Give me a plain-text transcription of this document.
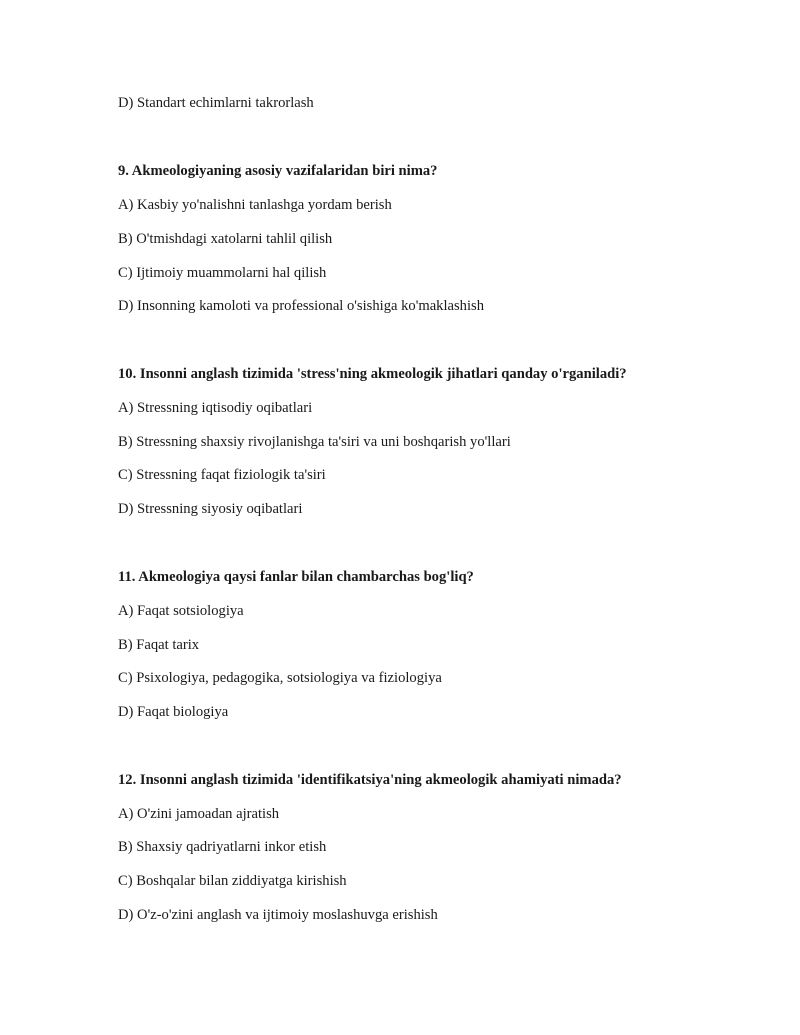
D) Standart echimlarni takrorlash
9. Akmeologiyaning asosiy vazifalaridan biri nima?
A) Kasbiy yo'nalishni tanlashga yordam berish
B) O'tmishdagi xatolarni tahlil qilish
C) Ijtimoiy muammolarni hal qilish
D) Insonning kamoloti va professional o'sishiga ko'maklashish
10. Insonni anglash tizimida 'stress'ning akmeologik jihatlari qanday o'rganiladi?
A) Stressning iqtisodiy oqibatlari
B) Stressning shaxsiy rivojlanishga ta'siri va uni boshqarish yo'llari
C) Stressning faqat fiziologik ta'siri
D) Stressning siyosiy oqibatlari
11. Akmeologiya qaysi fanlar bilan chambarchas bog'liq?
A) Faqat sotsiologiya
B) Faqat tarix
C) Psixologiya, pedagogika, sotsiologiya va fiziologiya
D) Faqat biologiya
12. Insonni anglash tizimida 'identifikatsiya'ning akmeologik ahamiyati nimada?
A) O'zini jamoadan ajratish
B) Shaxsiy qadriyatlarni inkor etish
C) Boshqalar bilan ziddiyatga kirishish
D) O'z-o'zini anglash va ijtimoiy moslashuvga erishish
